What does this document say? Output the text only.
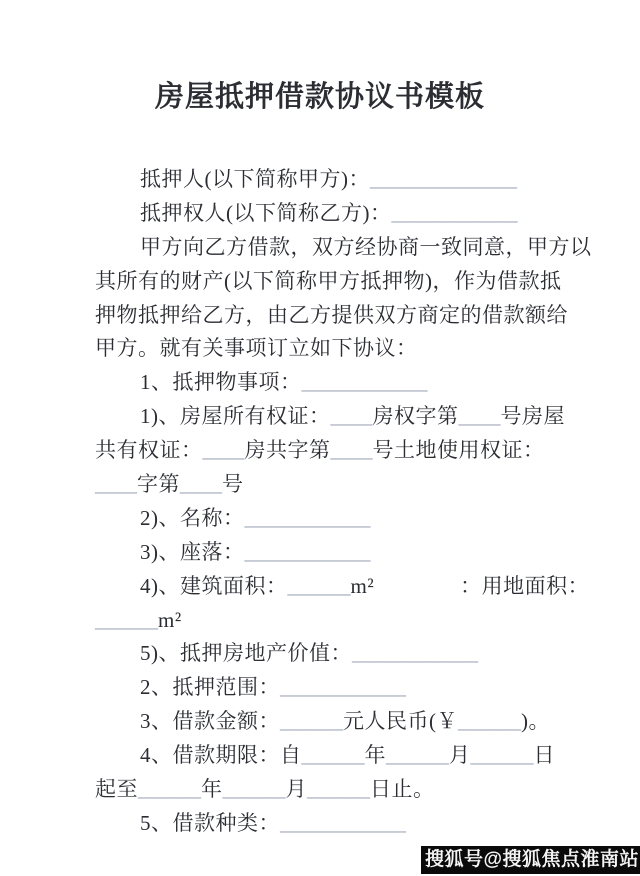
房屋抵押借款协议书模板
抵押人(以下简称甲方)：______________
抵押权人(以下简称乙方)：____________
甲方向乙方借款，双方经协商一致同意，甲方以
其所有的财产(以下简称甲方抵押物)，作为借款抵
押物抵押给乙方，由乙方提供双方商定的借款额给
甲方。就有关事项订立如下协议：
1、抵押物事项：____________
1)、房屋所有权证：____房权字第____号房屋
共有权证：____房共字第____号土地使用权证：
____字第____号
2)、名称：____________
3)、座落：____________
4)、建筑面积：______m²　　　　：用地面积：
______m²
5)、抵押房地产价值：____________
2、抵押范围：____________
3、借款金额：______元人民币(￥______)。
4、借款期限：自______年______月______日
起至______年______月______日止。
5、借款种类：____________
搜狐号@搜狐焦点淮南站
